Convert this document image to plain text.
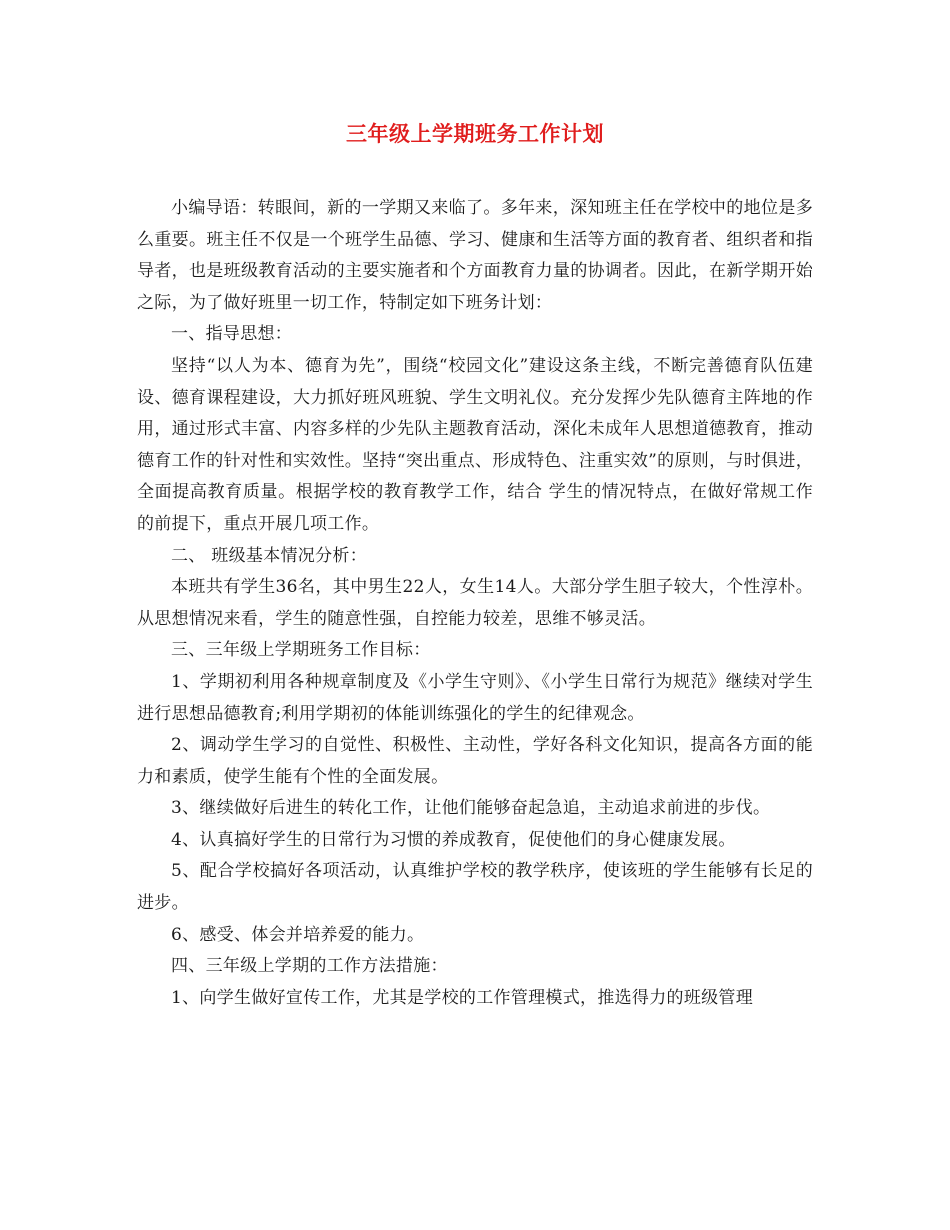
三年级上学期班务工作计划

小编导语：转眼间，新的一学期又来临了。多年来，深知班主任在学校中的地位是多么重要。班主任不仅是一个班学生品德、学习、健康和生活等方面的教育者、组织者和指导者，也是班级教育活动的主要实施者和个方面教育力量的协调者。因此，在新学期开始之际，为了做好班里一切工作，特制定如下班务计划：

一、指导思想：

坚持“以人为本、德育为先”，围绕“校园文化”建设这条主线，不断完善德育队伍建设、德育课程建设，大力抓好班风班貌、学生文明礼仪。充分发挥少先队德育主阵地的作用，通过形式丰富、内容多样的少先队主题教育活动，深化未成年人思想道德教育，推动德育工作的针对性和实效性。坚持“突出重点、形成特色、注重实效”的原则，与时俱进，全面提高教育质量。根据学校的教育教学工作，结合 学生的情况特点，在做好常规工作的前提下，重点开展几项工作。

二、 班级基本情况分析：

本班共有学生36名，其中男生22人，女生14人。大部分学生胆子较大，个性淳朴。从思想情况来看，学生的随意性强，自控能力较差，思维不够灵活。

三、三年级上学期班务工作目标：

1、学期初利用各种规章制度及《小学生守则》、《小学生日常行为规范》继续对学生进行思想品德教育;利用学期初的体能训练强化的学生的纪律观念。

2、调动学生学习的自觉性、积极性、主动性，学好各科文化知识，提高各方面的能力和素质，使学生能有个性的全面发展。

3、继续做好后进生的转化工作，让他们能够奋起急追，主动追求前进的步伐。

4、认真搞好学生的日常行为习惯的养成教育，促使他们的身心健康发展。

5、配合学校搞好各项活动，认真维护学校的教学秩序，使该班的学生能够有长足的进步。

6、感受、体会并培养爱的能力。

四、三年级上学期的工作方法措施：

1、向学生做好宣传工作，尤其是学校的工作管理模式，推选得力的班级管理
